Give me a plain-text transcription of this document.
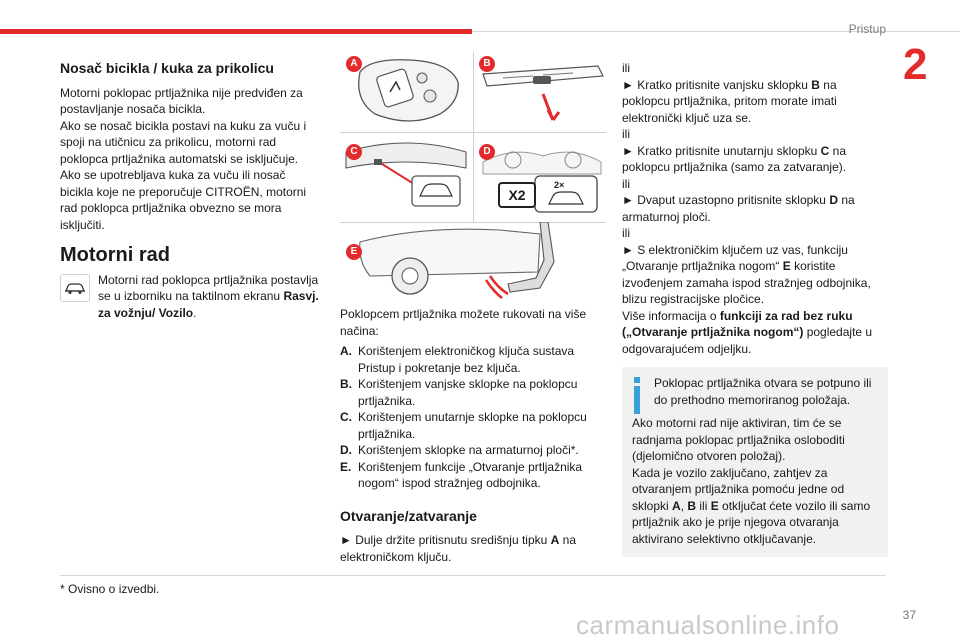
Pristup
2
Nosač bicikla / kuka za prikolicu

Motorni poklopac prtljažnika nije predviđen za postavljanje nosača bicikla.
Ako se nosač bicikla postavi na kuku za vuču i spoji na utičnicu za prikolicu, motorni rad poklopca prtljažnika automatski se isključuje.
Ako se upotrebljava kuka za vuču ili nosač bicikla koje ne preporučuje CITROËN, motorni rad poklopca prtljažnika obvezno se mora isključiti.

Motorni rad

Motorni rad poklopca prtljažnika postavlja se u izborniku na taktilnom ekranu Rasvj. za vožnju/ Vozilo.

A	B
C
X2
2×
D
E

Poklopcem prtljažnika možete rukovati na više načina:

A. Korištenjem elektroničkog ključa sustava Pristup i pokretanje bez ključa.
B. Korištenjem vanjske sklopke na poklopcu prtljažnika.
C. Korištenjem unutarnje sklopke na poklopcu prtljažnika.
D. Korištenjem sklopke na armaturnoj ploči*.
E. Korištenjem funkcije „Otvaranje prtljažnika nogom“ ispod stražnjeg odbojnika.
Otvaranje/zatvaranje

► Dulje držite pritisnutu središnju tipku A na elektroničkom ključu.

ili

► Kratko pritisnite vanjsku sklopku B na poklopcu prtljažnika, pritom morate imati elektronički ključ uza se.

ili

► Kratko pritisnite unutarnju sklopku C na poklopcu prtljažnika (samo za zatvaranje).

ili

► Dvaput uzastopno pritisnite sklopku D na armaturnoj ploči.

ili

► S elektroničkim ključem uz vas, funkciju „Otvaranje prtljažnika nogom“ E koristite izvođenjem zamaha ispod stražnjeg odbojnika, blizu registracijske pločice.

Više informacija o funkciji za rad bez ruku („Otvaranje prtljažnika nogom“) pogledajte u odgovarajućem odjeljku.

Poklopac prtljažnika otvara se potpuno ili do prethodno memoriranog položaja.

Ako motorni rad nije aktiviran, tim će se radnjama poklopac prtljažnika osloboditi (djelomično otvoren položaj).

Kada je vozilo zaključano, zahtjev za otvaranjem prtljažnika pomoću jedne od sklopki A, B ili E otključat ćete vozilo ili samo prtljažnik ako je prije njegova otvaranja aktivirano selektivno otključavanje.

* Ovisno o izvedbi.
carmanualsonline.info	37
